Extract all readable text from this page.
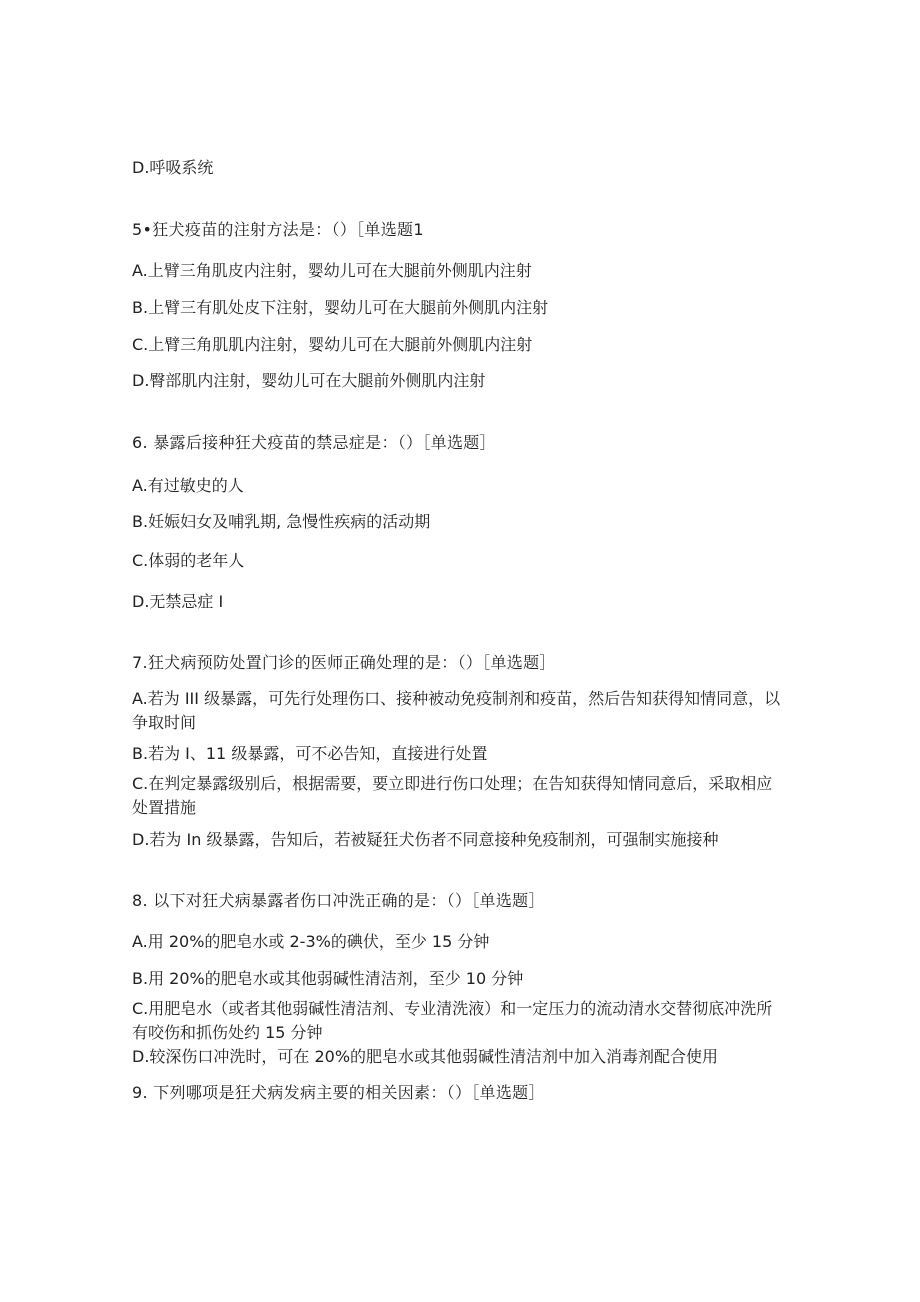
D.呼吸系统
5•狂犬疫苗的注射方法是：（）［单选题1
A.上臂三角肌皮内注射，婴幼儿可在大腿前外侧肌内注射
B.上臂三有肌处皮下注射，婴幼儿可在大腿前外侧肌内注射
C.上臂三角肌肌内注射，婴幼儿可在大腿前外侧肌内注射
D.臀部肌内注射，婴幼儿可在大腿前外侧肌内注射
6. 暴露后接种狂犬疫苗的禁忌症是：（）［单选题］
A.有过敏史的人
B.妊娠妇女及哺乳期, 急慢性疾病的活动期
C.体弱的老年人
D.无禁忌症 I
7.狂犬病预防处置门诊的医师正确处理的是：（）［单选题］
A.若为 III 级暴露，可先行处理伤口、接种被动免疫制剂和疫苗，然后告知获得知情同意，以争取时间
B.若为 I、11 级暴露，可不必告知，直接进行处置
C.在判定暴露级别后，根据需要，要立即进行伤口处理；在告知获得知情同意后，采取相应处置措施
D.若为 In 级暴露，告知后，若被疑狂犬伤者不同意接种免疫制剂，可强制实施接种
8. 以下对狂犬病暴露者伤口冲洗正确的是：（）［单选题］
A.用 20%的肥皂水或 2-3%的碘伏，至少 15 分钟
B.用 20%的肥皂水或其他弱碱性清洁剂，至少 10 分钟
C.用肥皂水（或者其他弱碱性清洁剂、专业清洗液）和一定压力的流动清水交替彻底冲洗所有咬伤和抓伤处约 15 分钟
D.较深伤口冲洗时，可在 20%的肥皂水或其他弱碱性清洁剂中加入消毒剂配合使用
9. 下列哪项是狂犬病发病主要的相关因素：（）［单选题］
